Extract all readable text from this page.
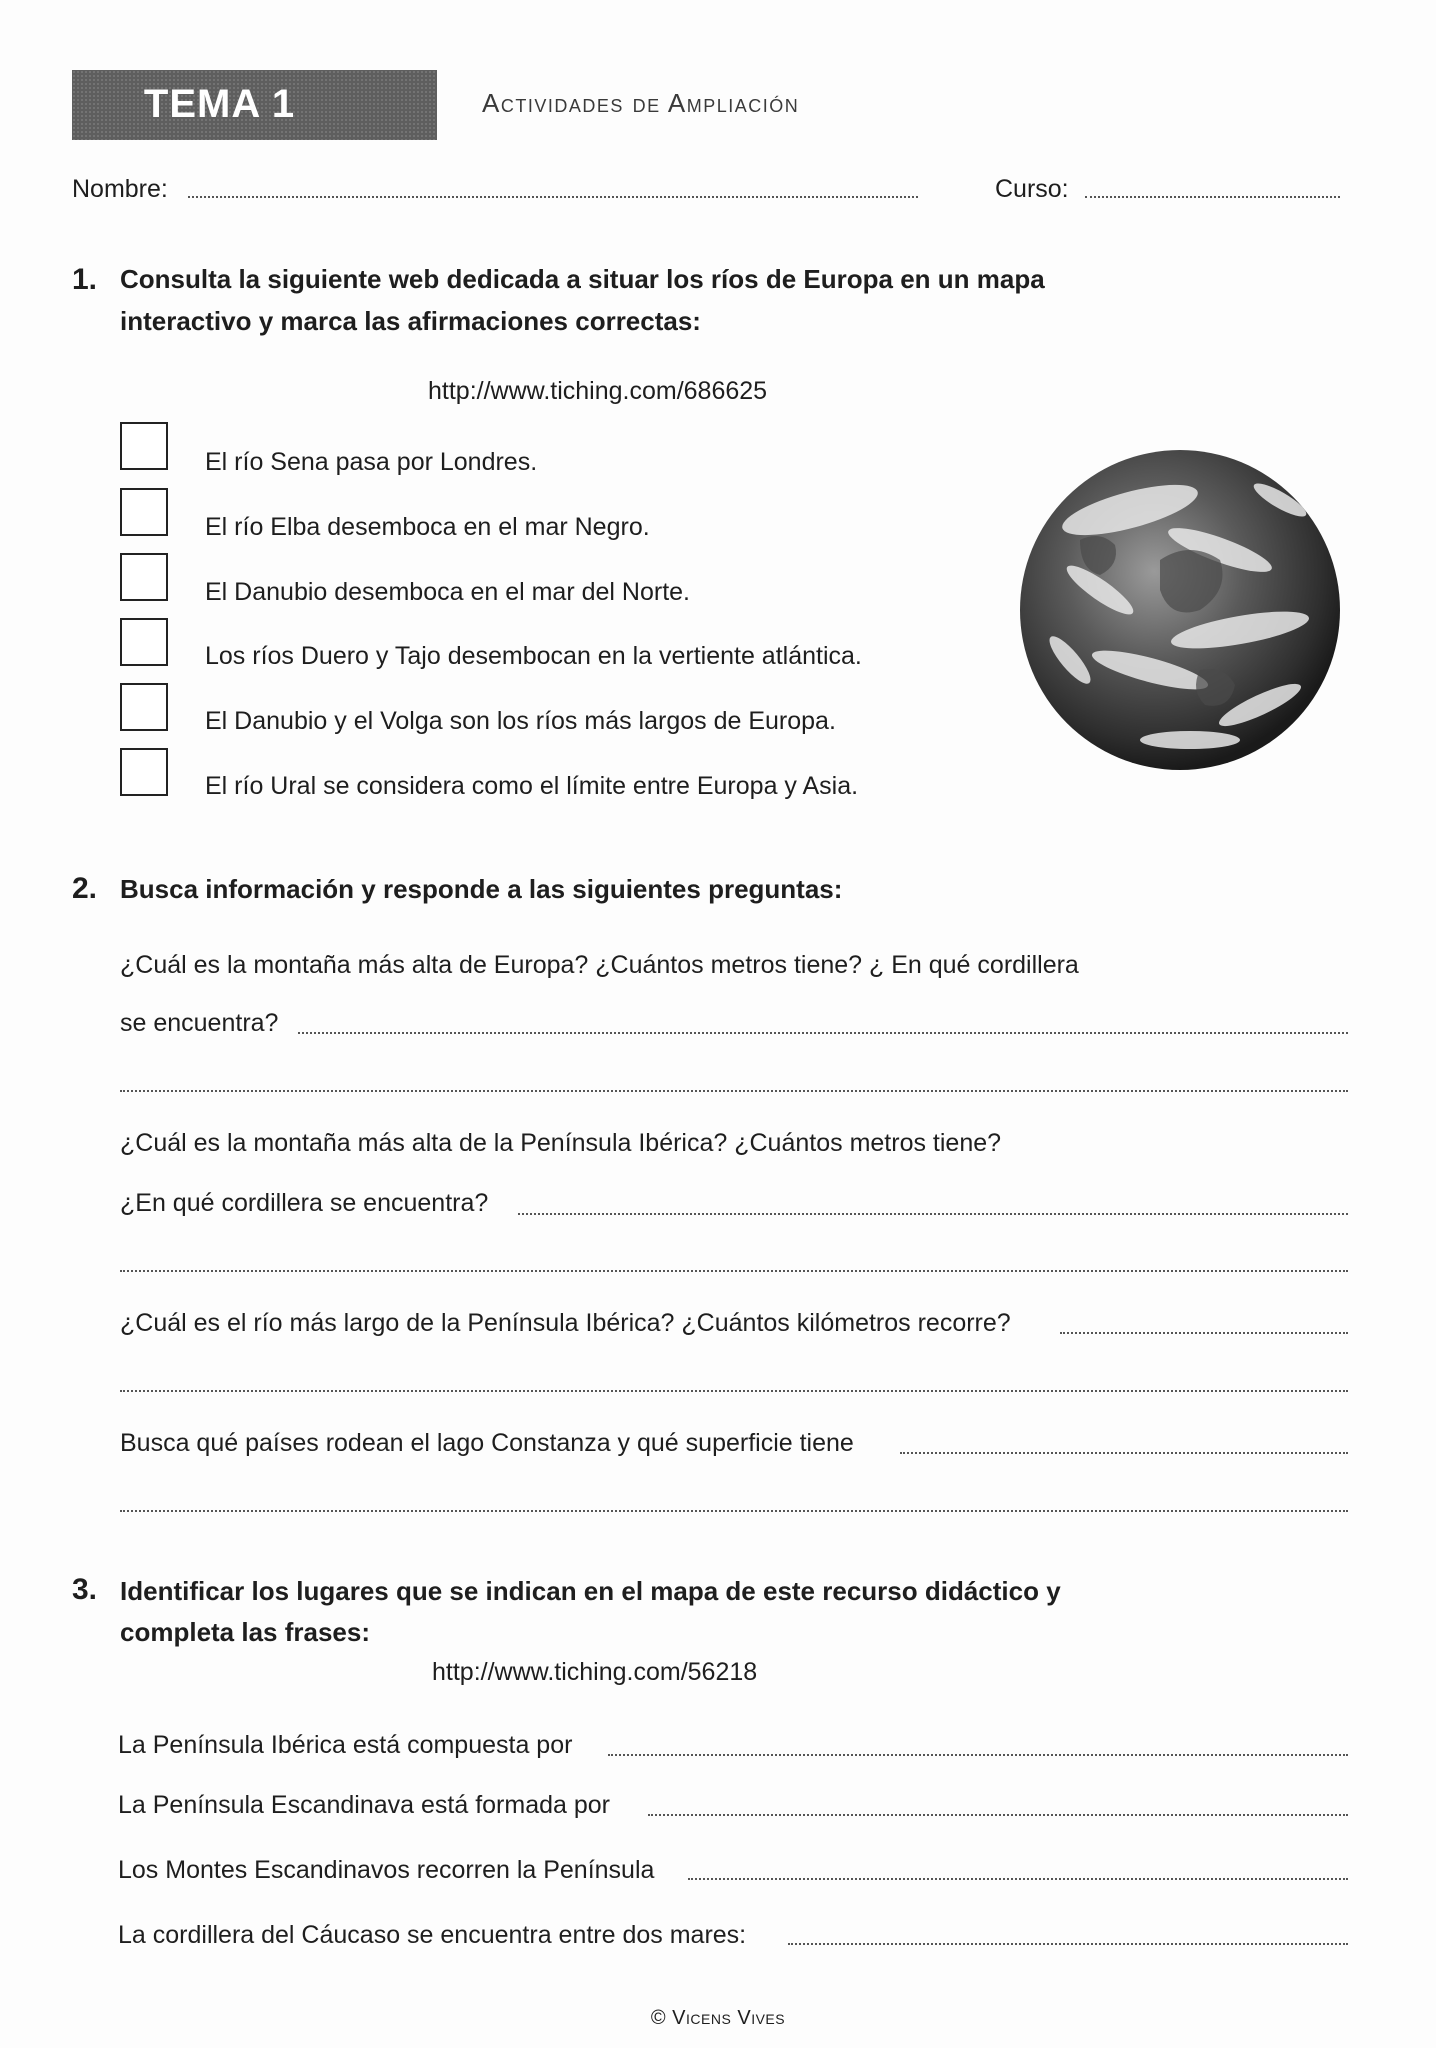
TEMA 1	Actividades de Ampliación
Nombre:	Curso:
1. Consulta la siguiente web dedicada a situar los ríos de Europa en un mapa
interactivo y marca las afirmaciones correctas:
http://www.tiching.com/686625
El río Sena pasa por Londres.
El río Elba desemboca en el mar Negro.
El Danubio desemboca en el mar del Norte.
Los ríos Duero y Tajo desembocan en la vertiente atlántica.
El Danubio y el Volga son los ríos más largos de Europa.
El río Ural se considera como el límite entre Europa y Asia.
2. Busca información y responde a las siguientes preguntas:
¿Cuál es la montaña más alta de Europa? ¿Cuántos metros tiene? ¿ En qué cordillera
se encuentra?
¿Cuál es la montaña más alta de la Península Ibérica? ¿Cuántos metros tiene?
¿En qué cordillera se encuentra?
¿Cuál es el río más largo de la Península Ibérica? ¿Cuántos kilómetros recorre?
Busca qué países rodean el lago Constanza y qué superficie tiene
3. Identificar los lugares que se indican en el mapa de este recurso didáctico y
completa las frases:
http://www.tiching.com/56218
La Península Ibérica está compuesta por
La Península Escandinava está formada por
Los Montes Escandinavos recorren la Península
La cordillera del Cáucaso se encuentra entre dos mares:
© Vicens Vives
